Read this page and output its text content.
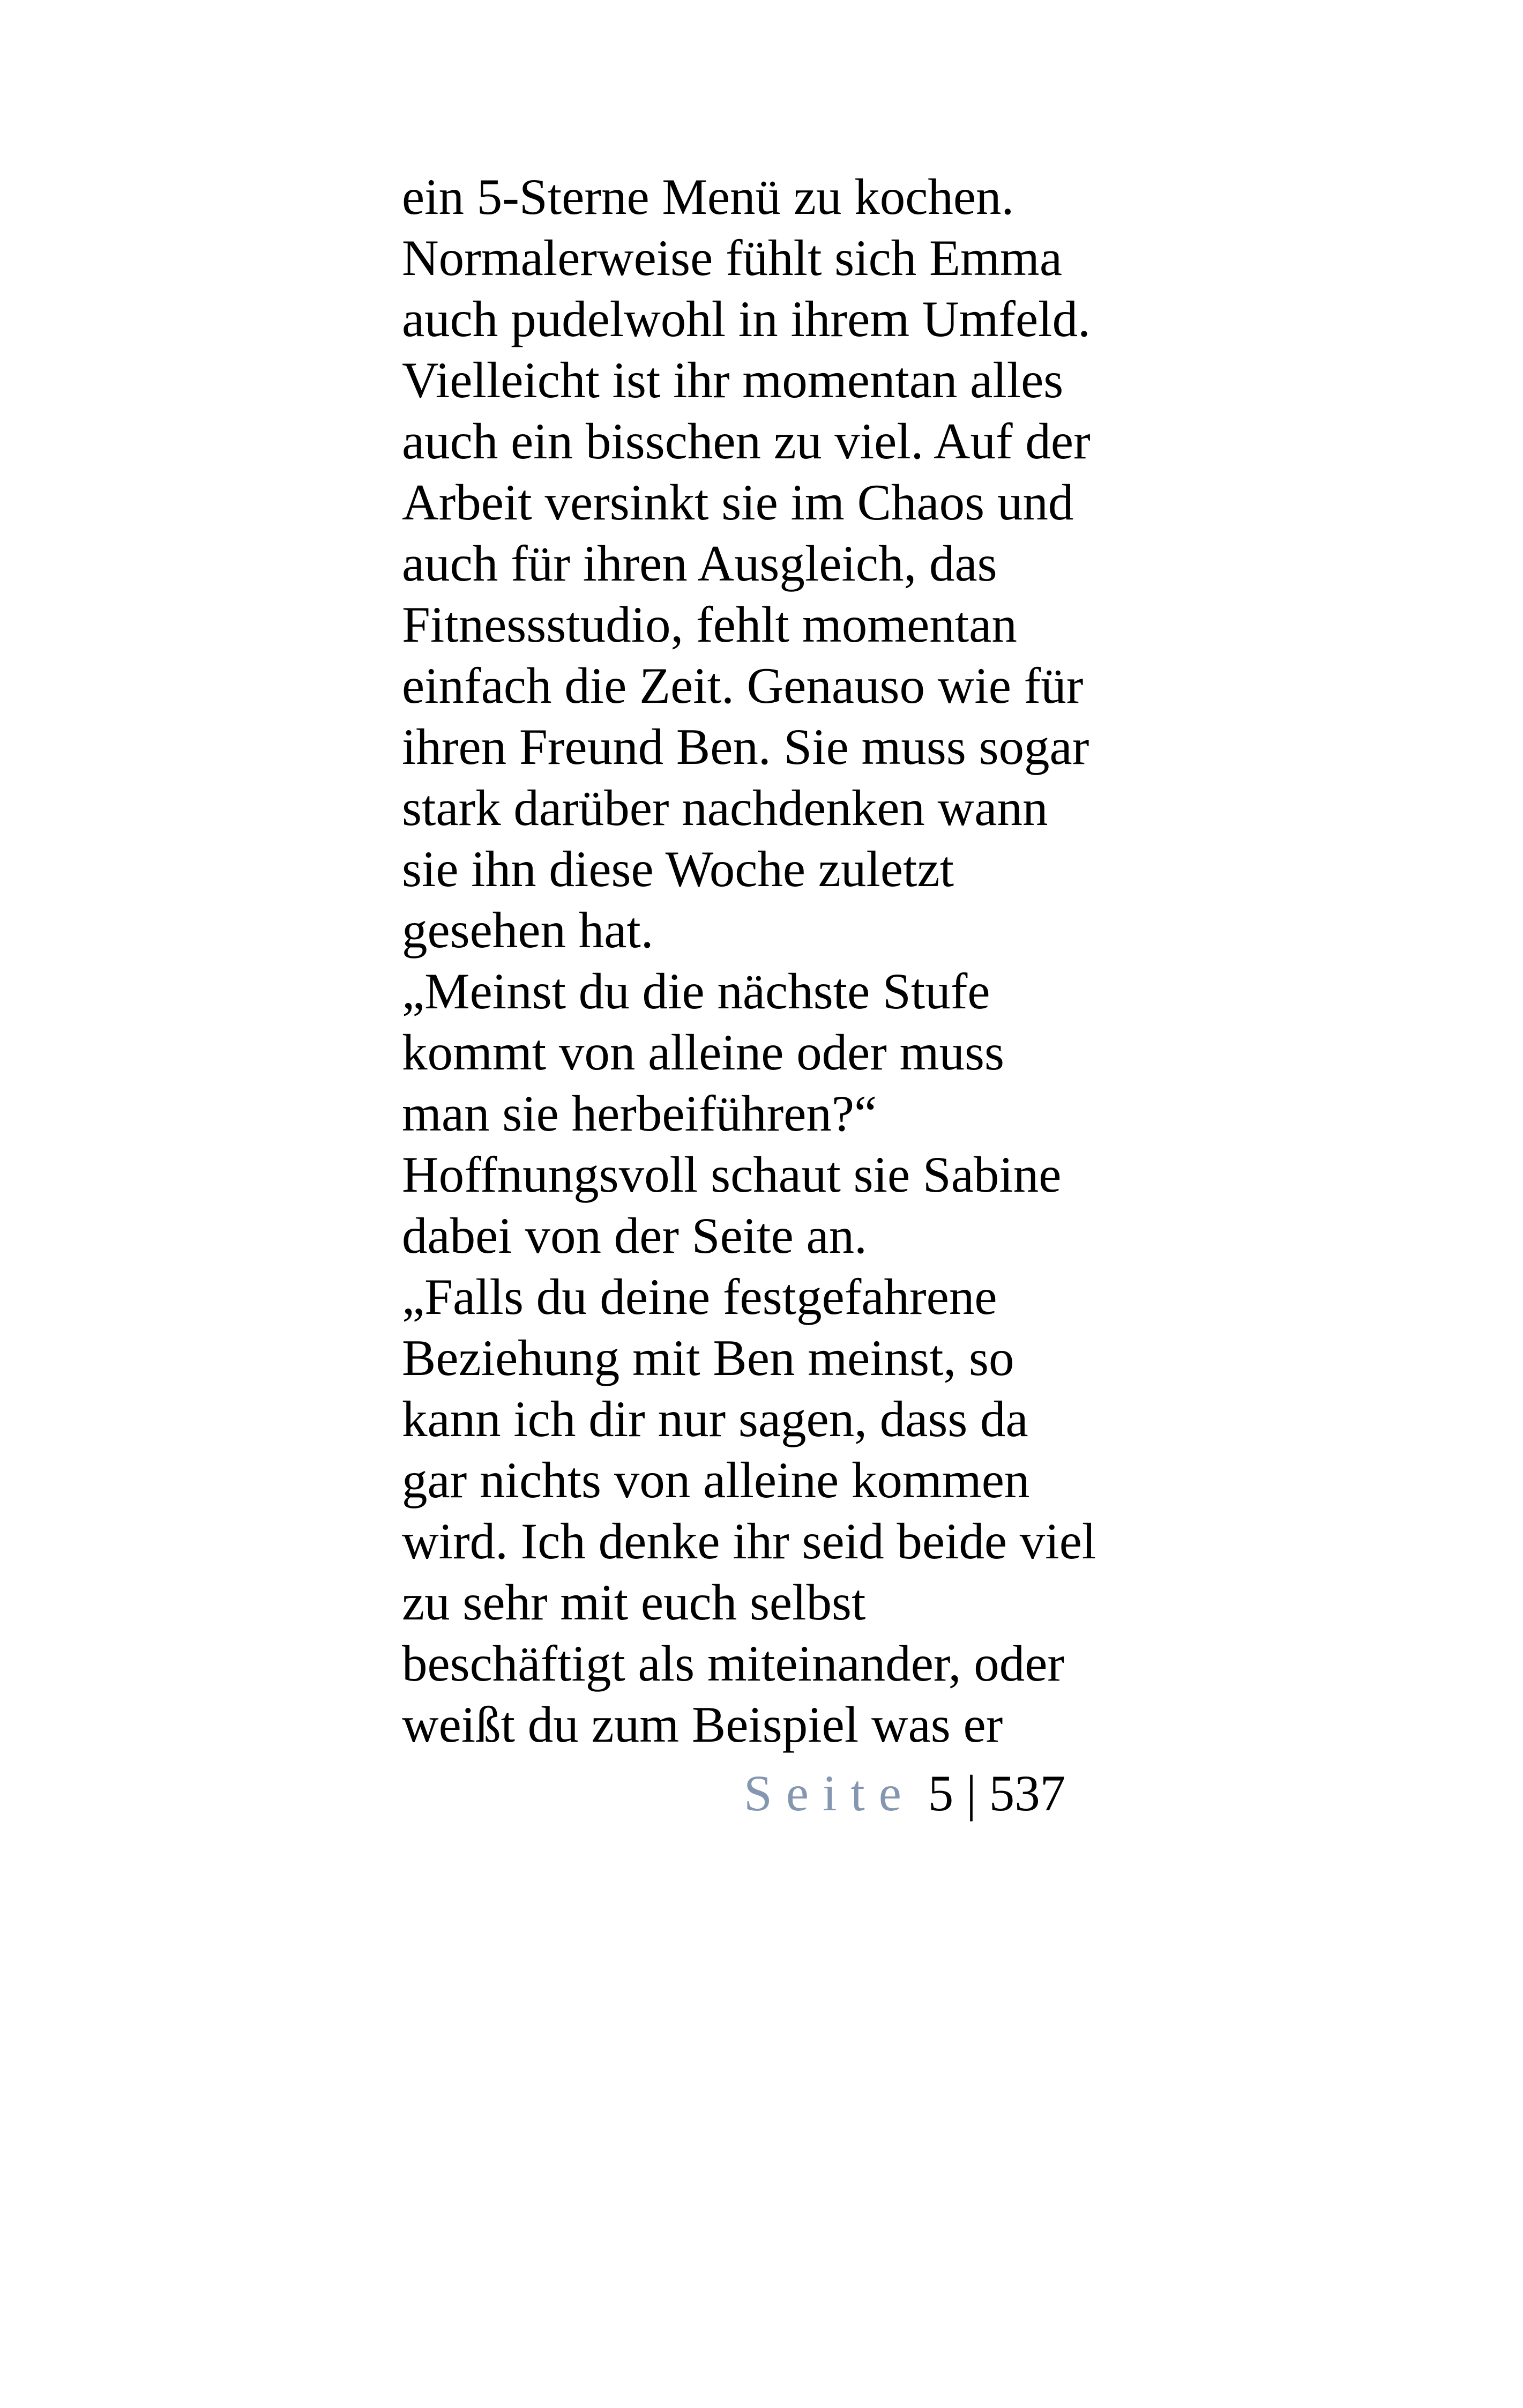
ein 5-Sterne Menü zu kochen.
Normalerweise fühlt sich Emma
auch pudelwohl in ihrem Umfeld.
Vielleicht ist ihr momentan alles
auch ein bisschen zu viel. Auf der
Arbeit versinkt sie im Chaos und
auch für ihren Ausgleich, das
Fitnessstudio, fehlt momentan
einfach die Zeit. Genauso wie für
ihren Freund Ben. Sie muss sogar
stark darüber nachdenken wann
sie ihn diese Woche zuletzt
gesehen hat.
„Meinst du die nächste Stufe
kommt von alleine oder muss
man sie herbeiführen?“
Hoffnungsvoll schaut sie Sabine
dabei von der Seite an.
„Falls du deine festgefahrene
Beziehung mit Ben meinst, so
kann ich dir nur sagen, dass da
gar nichts von alleine kommen
wird. Ich denke ihr seid beide viel
zu sehr mit euch selbst
beschäftigt als miteinander, oder
weißt du zum Beispiel was er
Seite 5 | 537
